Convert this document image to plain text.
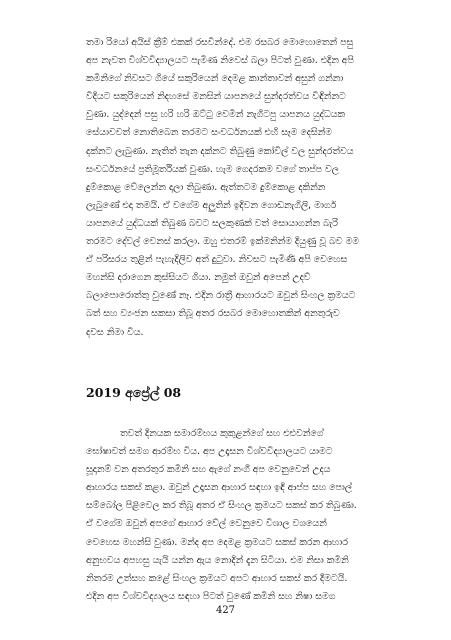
තමා රියෝ අයිස් ක්‍රීම් එකක් රසවින්දේ. එම රසබර මොහොතෙන් පසු
අප නැවත විශ්වවිද්‍යාලයට පැමිණ නිවෙස් බලා පිටත් වුණා. එදින අපි
කමිනිගේ නිවසට ගියේ සකුරියෙන් දෙමළ කාන්තාවන් අසුන් ගන්නා
විදියට සකුරියෙන් නිදහසේ මනසින් යාපනයේ සුන්දරත්වය විඳින්නට
වුණා. යුද්දෙන් පසු හරි හරි ඔට්ටු වෙමින් නැගිටපු යාපනය යුද්ධයක
සේයාවවත් නොතිබෙන තරමට සංවර්ධනයක් එහි සෑම දෙසින්ම
දක්නට ලැබුණා. නැතිත් තැන දක්නට තිබුණු කෝවිල් වල සුන්දරත්වය
සංවර්ධනයේ ප්‍රතිමූර්තියක් වුණා. හැම ගෙදරකම වගේ තාප්ප වල
දුම්කොළ වේලෙන්න දාලා තිබුණා. ඇත්තටම දුම්කොළ දකින්න
ලැබුණේ එදා තමයි. ඒ වගේම අලුතින් ඉදිවන ගොඩනැගිලි, මාර්ග
යාපනයේ යුද්ධයක් තිබුණ බවට සලකුණක් වත් සොයාගන්න බැරි
තරමට දේවල් වෙනස් කරලා. ඔහු එතරම් ඉක්මනින්ම දියුණු වූ බව මම
ඒ පරිසරය තුළින් පැහැදිලිව අත් දුටුවා. නිවසට පැමිණි අපි වෙහෙස
මහන්සි දරාගෙන කුස්සියට ගියා. නමුත් ඔවුන් අපෙන් උදව්
බලාපොරොත්තු වුණේ නෑ. එදින රාත්‍රී ආහාරයට ඔවුන් සිංහල ක්‍රමයට
බත් සහ ව්‍යංජන සකසා තිබූ අතර රසබර මොහොතකින් අනතුරුව
දවස නිමා විය.
2019 අප්‍රේල් 08
තවත් දිනයක සමාරම්භය කුකුළන්ගේ සහ එළුවන්ගේ
ඝෝෂාවත් සමග ආරම්භ විය. අප උදෑසන විශ්වවිද්‍යාලයට යාමට
සූදානම් වන අතරතුර කමිනි සහ ඇගේ නංගී අප වෙනුවෙන් උදය
ආහාරය සකස් කළා. ඔවුන් උදෑසන ආහාර සඳහා ඉඳි ආප්ප සහ පොල්
සම්බෝල පිළිවෙල කර තිබූ අතර ඒ සිංහල ක්‍රමයට සකස් කර තිබුණා.
ඒ වගේම ඔවුන් අපගේ ආහාර වේල් වෙනුවෙ විශාල වශයෙන්
වෙහෙස මහන්සි වුණා. මන්ද අප දෙමළ ක්‍රමයට සකස් කරන ආහාර
අනුභවය අපහසු යැයි යන්න ඇය නොදින් දැන සිටියා. එම නිසා කමිනි
නිතරම උත්සහ කළේ සිංහල ක්‍රමයට අපට ආහාර සකස් කර දීමටයි.
එදින අප විශ්වවිද්‍යාලය සඳහා පිටත් වුණේ කමිනි සහ නිෂා සමග
427
